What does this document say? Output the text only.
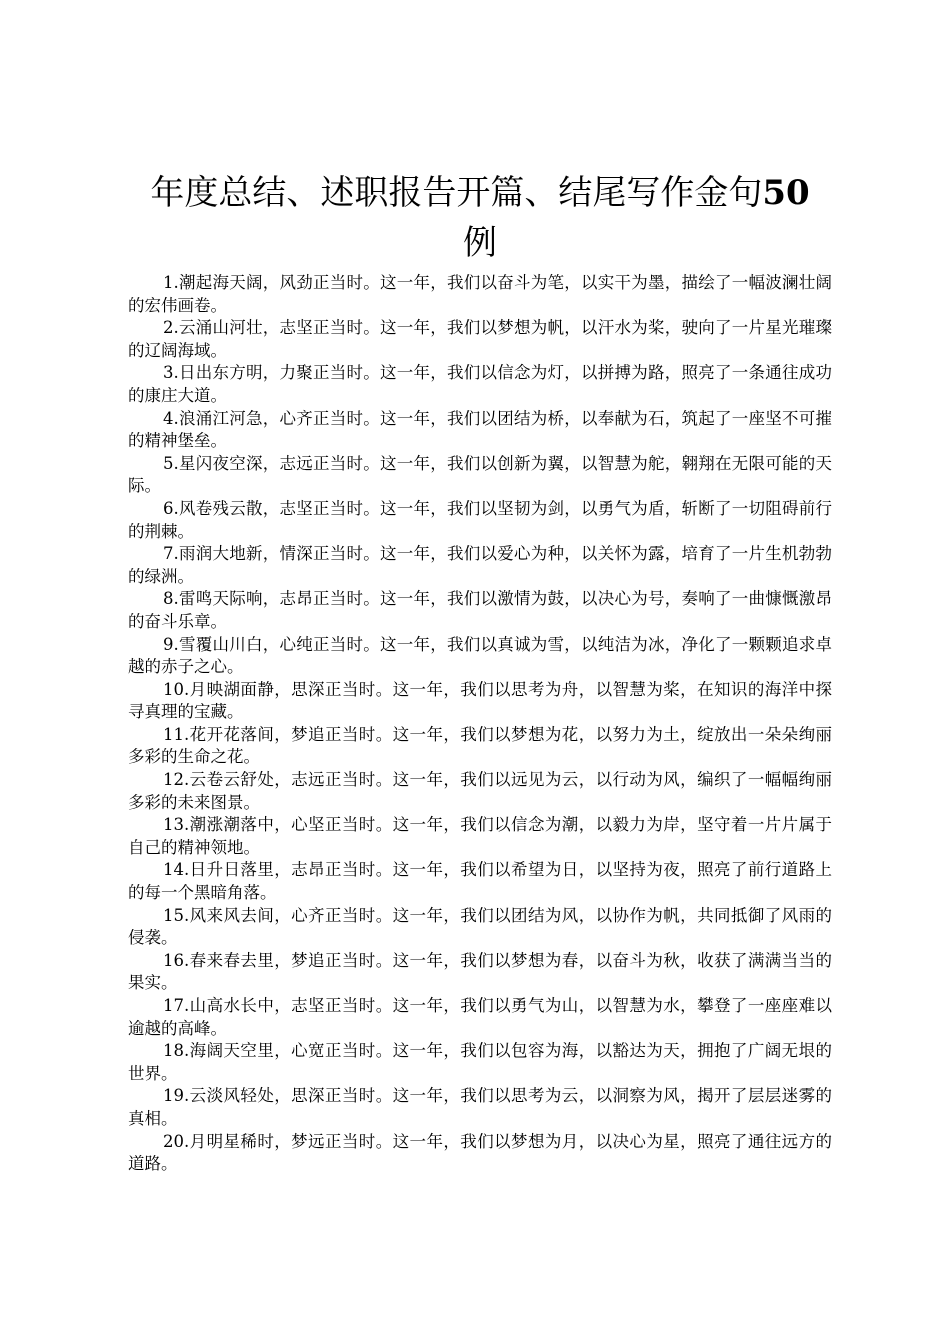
年度总结、述职报告开篇、结尾写作金句50
例

1.潮起海天阔，风劲正当时。这一年，我们以奋斗为笔，以实干为墨，描绘了一幅波澜壮阔的宏伟画卷。

2.云涌山河壮，志坚正当时。这一年，我们以梦想为帆，以汗水为桨，驶向了一片星光璀璨的辽阔海域。

3.日出东方明，力聚正当时。这一年，我们以信念为灯，以拼搏为路，照亮了一条通往成功的康庄大道。

4.浪涌江河急，心齐正当时。这一年，我们以团结为桥，以奉献为石，筑起了一座坚不可摧的精神堡垒。

5.星闪夜空深，志远正当时。这一年，我们以创新为翼，以智慧为舵，翱翔在无限可能的天际。

6.风卷残云散，志坚正当时。这一年，我们以坚韧为剑，以勇气为盾，斩断了一切阻碍前行的荆棘。

7.雨润大地新，情深正当时。这一年，我们以爱心为种，以关怀为露，培育了一片生机勃勃的绿洲。

8.雷鸣天际响，志昂正当时。这一年，我们以激情为鼓，以决心为号，奏响了一曲慷慨激昂的奋斗乐章。

9.雪覆山川白，心纯正当时。这一年，我们以真诚为雪，以纯洁为冰，净化了一颗颗追求卓越的赤子之心。

10.月映湖面静，思深正当时。这一年，我们以思考为舟，以智慧为桨，在知识的海洋中探寻真理的宝藏。

11.花开花落间，梦追正当时。这一年，我们以梦想为花，以努力为土，绽放出一朵朵绚丽多彩的生命之花。

12.云卷云舒处，志远正当时。这一年，我们以远见为云，以行动为风，编织了一幅幅绚丽多彩的未来图景。

13.潮涨潮落中，心坚正当时。这一年，我们以信念为潮，以毅力为岸，坚守着一片片属于自己的精神领地。

14.日升日落里，志昂正当时。这一年，我们以希望为日，以坚持为夜，照亮了前行道路上的每一个黑暗角落。

15.风来风去间，心齐正当时。这一年，我们以团结为风，以协作为帆，共同抵御了风雨的侵袭。

16.春来春去里，梦追正当时。这一年，我们以梦想为春，以奋斗为秋，收获了满满当当的果实。

17.山高水长中，志坚正当时。这一年，我们以勇气为山，以智慧为水，攀登了一座座难以逾越的高峰。

18.海阔天空里，心宽正当时。这一年，我们以包容为海，以豁达为天，拥抱了广阔无垠的世界。

19.云淡风轻处，思深正当时。这一年，我们以思考为云，以洞察为风，揭开了层层迷雾的真相。

20.月明星稀时，梦远正当时。这一年，我们以梦想为月，以决心为星，照亮了通往远方的道路。
